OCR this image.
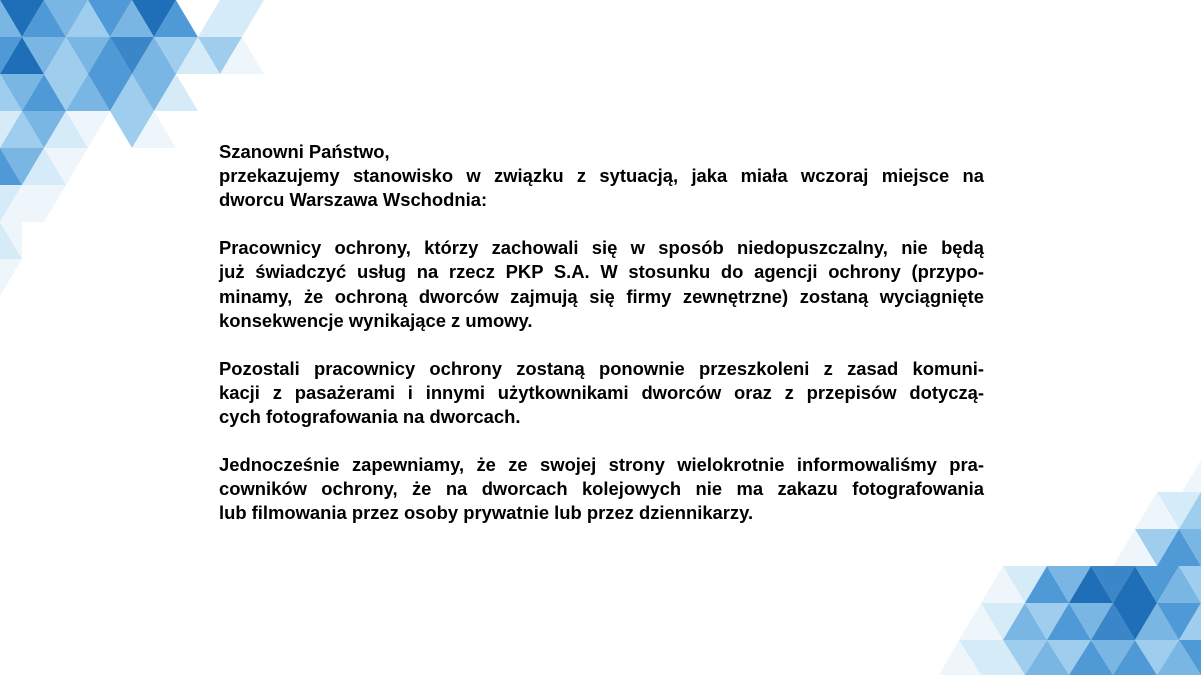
Szanowni Państwo,
przekazujemy stanowisko w związku z sytuacją, jaka miała wczoraj miejsce na
dworcu Warszawa Wschodnia:
Pracownicy ochrony, którzy zachowali się w sposób niedopuszczalny, nie będą
już świadczyć usług na rzecz PKP S.A. W stosunku do agencji ochrony (przypo-
minamy, że ochroną dworców zajmują się firmy zewnętrzne) zostaną wyciągnięte
konsekwencje wynikające z umowy.
Pozostali pracownicy ochrony zostaną ponownie przeszkoleni z zasad komuni-
kacji z pasażerami i innymi użytkownikami dworców oraz z przepisów dotyczą-
cych fotografowania na dworcach.
Jednocześnie zapewniamy, że ze swojej strony wielokrotnie informowaliśmy pra-
cowników ochrony, że na dworcach kolejowych nie ma zakazu fotografowania
lub filmowania przez osoby prywatnie lub przez dziennikarzy.
